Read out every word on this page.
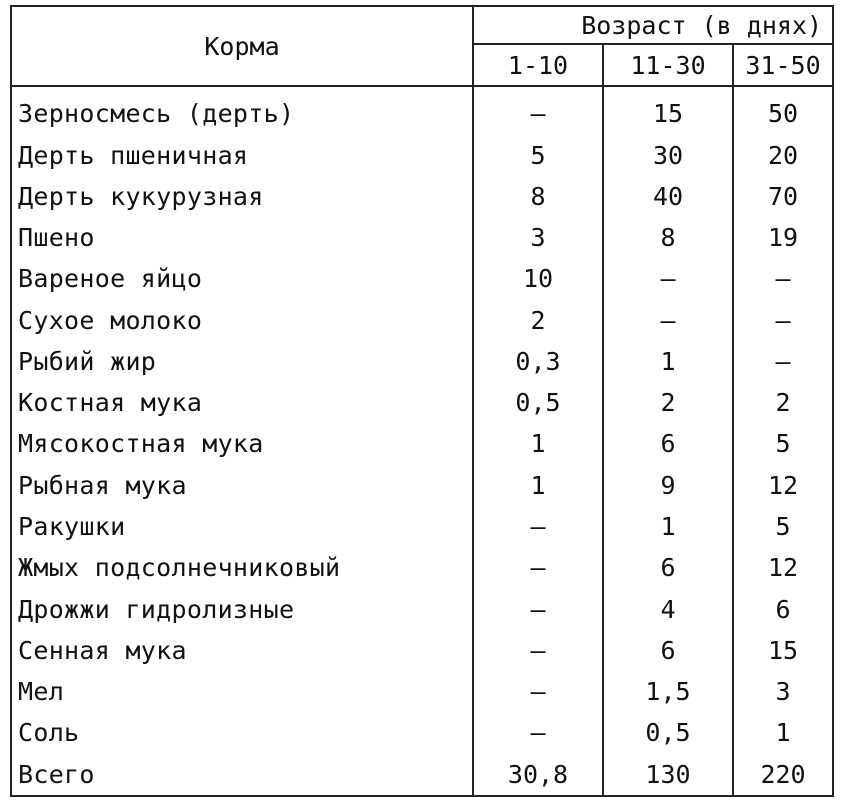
Корма	Возраст (в днях)		
	1-10	11-30	31-50
Зерносмесь (дерть)	—	15	50
Дерть пшеничная	5	30	20
Дерть кукурузная	8	40	70
Пшено	3	8	19
Вареное яйцо	10	—	—
Сухое молоко	2	—	—
Рыбий жир	0,3	1	—
Костная мука	0,5	2	2
Мясокостная мука	1	6	5
Рыбная мука	1	9	12
Ракушки	—	1	5
Жмых подсолнечниковый	—	6	12
Дрожжи гидролизные	—	4	6
Сенная мука	—	6	15
Мел	—	1,5	3
Соль	—	0,5	1
Всего	30,8	130	220
